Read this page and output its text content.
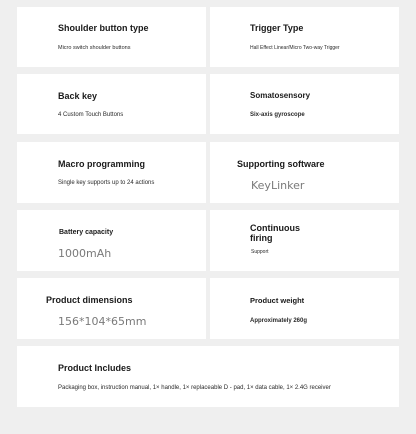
Shoulder button type
Micro switch shoulder buttons
Trigger Type
Hall Effect Linear/Micro Two-way Trigger
Back key
4 Custom Touch Buttons
Somatosensory
Six-axis gyroscope
Macro programming
Single key supports up to 24 actions
Supporting software
KeyLinker
Battery capacity
1000mAh
Continuous firing
Support
Product dimensions
156*104*65mm
Product weight
Approximately 260g
Product Includes
Packaging box, instruction manual, 1× handle, 1× replaceable D - pad, 1× data cable, 1× 2.4G receiver
